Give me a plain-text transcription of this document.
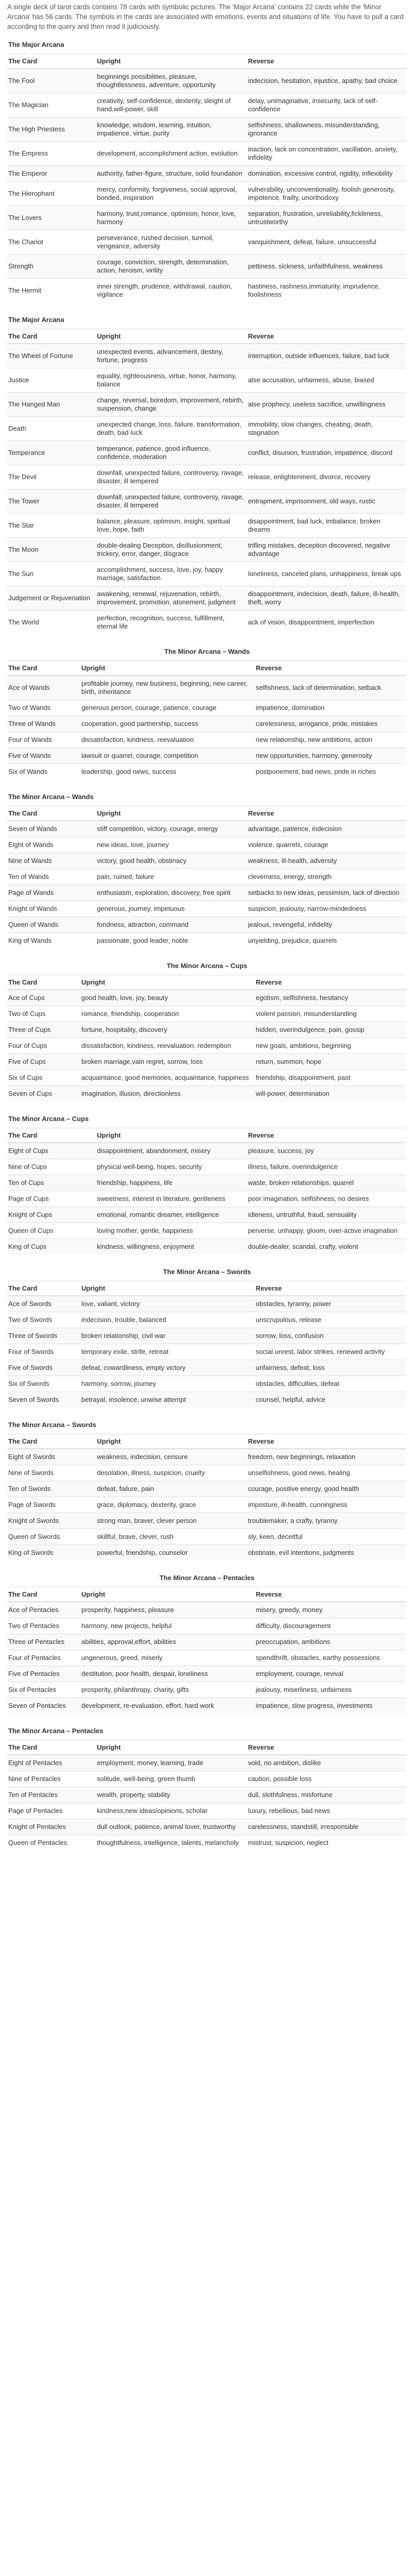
A single deck of tarot cards contains 78 cards with symbolic pictures. The 'Major Arcana' contains 22 cards while the 'Minor Arcana' has 56 cards. The symbols in the cards are associated with emotions, events and situations of life. You have to pull a card according to the query and then read it judiciously.

The Major Arcana
The Card	Upright	Reverse
The Fool	beginnings possibilities, pleasure, thoughtlessness, adventure, opportunity	indecision, hesitation, injustice, apathy, bad choice
The Magician	creativity, self-confidence, dexterity, sleight of hand,will-power, skill	delay, unimaginative, insecurity, lack of self-confidence
The High Priestess	knowledge, wisdom, learning, intuition, impatience, virtue, purity	selfishness, shallowness, misunderstanding, ignorance
The Empress	development, accomplishment action, evolution	inaction, lack on concentration, vacillation, anxiety, infidelity
The Emperor	authority, father-figure, structure, solid foundation	domination, excessive control, rigidity, inflexibility
The Hierophant	mercy, conformity, forgiveness, social approval, bonded, inspiration	vulnerability, unconventionality, foolish generosity, impotence, frailty, unorthodoxy
The Lovers	harmony, trust,romance, optimism, honor, love, harmony	separation, frustration, unreliability,fickleness, untrustworthy
The Chariot	perseverance, rushed decision, turmoil, vengeance, adversity	vanquishment, defeat, failure, unsuccessful
Strength	courage, conviction, strength, determination, action, heroism, virility	pettiness, sickness, unfaithfulness, weakness
The Hermit	inner strength, prudence, withdrawal, caution, vigilance	hastiness, rashness,immaturity, imprudence, foolishness
The Major Arcana
The Card	Upright	Reverse
The Wheel of Fortune	unexpected events, advancement, destiny, fortune, progress	interruption, outside influences, failure, bad luck
Justice	equality, righteousness, virtue, honor, harmony, balance	alse accusation, unfairness, abuse, biased
The Hanged Man	change, reversal, boredom, improvement, rebirth, suspension, change	alse prophecy, useless sacrifice, unwillingness
Death	unexpected change, loss, failure, transformation, death, bad luck	immobility, slow changes, cheating, death, stagnation
Temperance	temperance, patience, good influence, confidence, moderation	conflict, disunion, frustration, impatience, discord
The Devil	downfall, unexpected failure, controversy, ravage, disaster, ill tempered	release, enlightenment, divorce, recovery
The Tower	downfall, unexpected failure, controversy, ravage, disaster, ill tempered	entrapment, imprisonment, old ways, rustic
The Star	balance, pleasure, optimism, insight, spiritual love, hope, faith	disappointment, bad luck, imbalance, broken dreams
The Moon	double-dealing Deception, disillusionment, trickery, error, danger, disgrace	trifling mistakes, deception discovered, negative advantage
The Sun	accomplishment, success, love, joy, happy marriage, satisfaction	loneliness, canceled plans, unhappiness, break ups
Judgement or Rejuvenation	awakening, renewal, rejuvenation, rebirth, improvement, promotion, atonement, judgment	disappointment, indecision, death, failure, ill-health, theft, worry
The World	perfection, recognition, success, fulfillment, eternal life	ack of vision, disappointment, imperfection
The Minor Arcana – Wands
The Card	Upright	Reverse
Ace of Wands	profitable journey, new business, beginning, new career, birth, inheritance	selfishness, lack of determination, setback
Two of Wands	generous person, courage, patience, courage	impatience, domination
Three of Wands	cooperation, good partnership, success	carelessness, arrogance, pride, mistakes
Four of Wands	dissatisfaction, kindness, reevaluation	new relationship, new ambitions, action
Five of Wands	lawsuit or quarrel, courage, competition	new opportunities, harmony, generosity
Six of Wands	leadership, good news, success	postponement, bad news, pride in riches
The Minor Arcana – Wands
The Card	Upright	Reverse
Seven of Wands	stiff competition, victory, courage, energy	advantage, patience, indecision
Eight of Wands	new ideas, love, journey	violence, quarrels, courage
Nine of Wands	victory, good health, obstinacy	weakness, ill-health, adversity
Ten of Wands	pain, ruined, failure	cleverness, energy, strength
Page of Wands	enthusiasm, exploration, discovery, free spirit	setbacks to new ideas, pessimism, lack of direction
Knight of Wands	generous, journey, impetuous	suspicion, jealousy, narrow-mindedness
Queen of Wands	fondness, attraction, command	jealous, revengeful, infidelity
King of Wands	passionate, good leader, noble	unyielding, prejudice, quarrels
The Minor Arcana – Cups
The Card	Upright	Reverse
Ace of Cups	good health, love, joy, beauty	egotism, selfishness, hesitancy
Two of Cups	romance, friendship, cooperation	violent passion, misunderstanding
Three of Cups	fortune, hospitality, discovery	hidden, overindulgence, pain, gossip
Four of Cups	dissatisfaction, kindness, reevaluation, redemption	new goals, ambitions, beginning
Five of Cups	broken marriage,vain regret, sorrow, loss	return, summon, hope
Six of Cups	acquaintance, good memories, acquaintance, happiness	friendship, disappointment, past
Seven of Cups	imagination, illusion, directionless	will-power, determination
The Minor Arcana – Cups
The Card	Upright	Reverse
Eight of Cups	disappointment, abandonment, misery	pleasure, success, joy
Nine of Cups	physical well-being, hopes, security	illness, failure, overindulgence
Ten of Cups	friendship, happiness, life	waste, broken relationships, quarrel
Page of Cups	sweetness, interest in literature, gentleness	poor imagination, selfishness, no desires
Knight of Cups	emotional, romantic dreamer, intelligence	idleness, untruthful, fraud, sensuality
Queen of Cups	loving mother, gentle, happiness	perverse, unhappy, gloom, over-active imagination
King of Cups	kindness, willingness, enjoyment	double-dealer, scandal, crafty, violent
The Minor Arcana – Swords
The Card	Upright	Reverse
Ace of Swords	love, valiant, victory	obstacles, tyranny, power
Two of Swords	indecision, trouble, balanced	unscrupulous, release
Three of Swords	broken relationship, civil war	sorrow, loss, confusion
Four of Swords	temporary exile, strife, retreat	social unrest, labor strikes, renewed activity
Five of Swords	defeat, cowardliness, empty victory	unfairness, defeat, loss
Six of Swords	harmony, sorrow, journey	obstacles, difficulties, defeat
Seven of Swords	betrayal, insolence, unwise attempt	counsel, helpful, advice
The Minor Arcana – Swords
The Card	Upright	Reverse
Eight of Swords	weakness, indecision, censure	freedom, new beginnings, relaxation
Nine of Swords	desolation, illness, suspicion, cruelty	unselfishness, good news, healing
Ten of Swords	defeat, failure, pain	courage, positive energy, good health
Page of Swords	grace, diplomacy, dexterity, grace	imposture, ill-health, cunningness
Knight of Swords	strong man, braver, clever person	troublemaker, a crafty, tyranny
Queen of Swords	skillful, brave, clever, rush	sly, keen, deceitful
King of Swords	powerful, friendship, counselor	obstinate, evil intentions, judgments
The Minor Arcana – Pentacles
The Card	Upright	Reverse
Ace of Pentacles	prosperity, happiness, pleasure	misery, greedy, money
Two of Pentacles	harmony, new projects, helpful	difficulty, discouragement
Three of Pentacles	abilities, approval,effort, abilities	preoccupation, ambitions
Four of Pentacles	ungenerous, greed, miserly	spendthrift, obstacles, earthy possessions
Five of Pentacles	destitution, poor health, despair, loneliness	employment, courage, revival
Six of Pentacles	prosperity, philanthropy, charity, gifts	jealousy, miserliness, unfairness
Seven of Pentacles	development, re-evaluation, effort, hard work	impatience, slow progress, investments
The Minor Arcana – Pentacles
The Card	Upright	Reverse
Eight of Pentacles	employment, money, learning, trade	void, no ambition, dislike
Nine of Pentacles	solitude, well-being, green thumb	caution, possible loss
Ten of Pentacles	wealth, property, stability	dull, slothfulness, misfortune
Page of Pentacles	kindness,new ideas/opinions, scholar	luxury, rebellious, bad news
Knight of Pentacles	dull outlook, patience, animal lover, trustworthy	carelessness, standstill, irresponsible
Queen of Pentacles	thoughtfulness, intelligence, talents, melancholy	mistrust, suspicion, neglect
